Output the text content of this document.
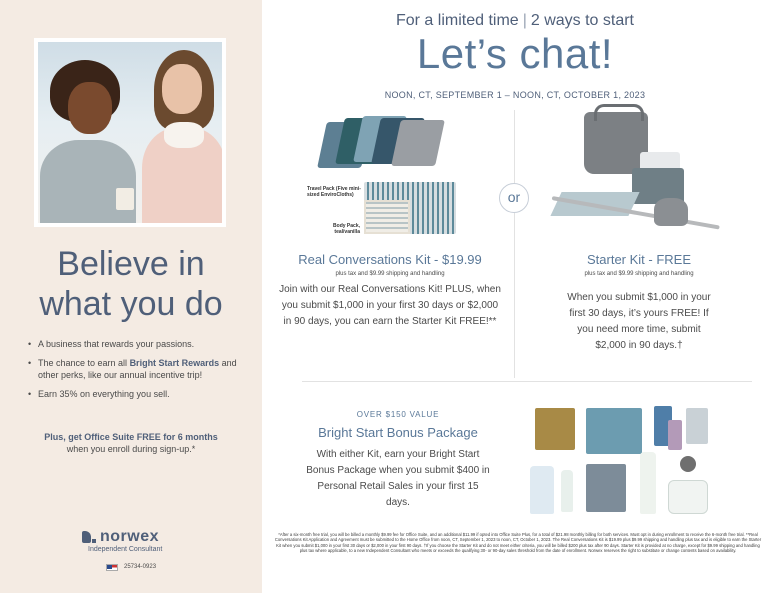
Believe in
what you do
• A business that rewards your passions.
• The chance to earn all Bright Start Rewards and other perks, like our annual incentive trip!
• Earn 35% on everything you sell.
Plus, get Office Suite FREE for 6 months
when you enroll during sign-up.*
norwex
Independent Consultant
25734-0923
For a limited time | 2 ways to start
Let’s chat!
NOON, CT, SEPTEMBER 1 – NOON, CT, OCTOBER 1, 2023
Travel Pack (Five mini-sized EnviroCloths)
Body Pack, teal/vanilla
or
Real Conversations Kit - $19.99
plus tax and $9.99 shipping and handling
Join with our Real Conversations Kit! PLUS, when you submit $1,000 in your first 30 days or $2,000 in 90 days, you can earn the Starter Kit FREE!**
Starter Kit - FREE
plus tax and $9.99 shipping and handling
When you submit $1,000 in your first 30 days, it’s yours FREE! If you need more time, submit $2,000 in 90 days.†
OVER $150 VALUE
Bright Start Bonus Package
With either Kit, earn your Bright Start Bonus Package when you submit $400 in Personal Retail Sales in your first 15 days.
*After a six-month free trial, you will be billed a monthly $9.99 fee for Office Suite, and an additional $11.99 if opted into Office Suite Plus, for a total of $21.98 monthly billing for both services. Must opt in during enrollment to receive the 6-month free trial. **Real Conversations Kit Application and Agreement must be submitted to the Home Office from noon, CT, September 1, 2023 to noon, CT, October 1, 2023. The Real Conversations Kit is $19.99 plus $9.99 shipping and handling plus tax and is eligible to earn the Starter Kit when you submit $1,000 in your first 30 days or $2,000 in your first 90 days. †If you choose the Starter Kit and do not meet either criteria, you will be billed $200 plus tax after 90 days. Starter Kit is provided at no charge, except for $9.99 shipping and handling plus tax where applicable, to a new Independent Consultant who meets or exceeds the qualifying 30- or 90-day sales threshold from the date of enrollment. Norwex reserves the right to substitute or change contents based on availability.
